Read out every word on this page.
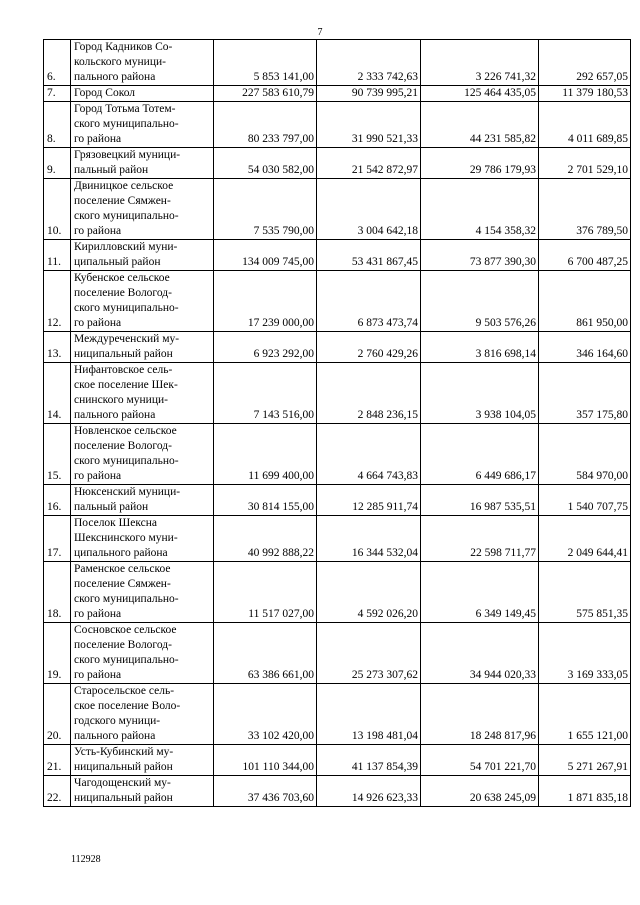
7
6.	Город Кадников Со-
кольского муници-
пального района	5 853 141,00	2 333 742,63	3 226 741,32	292 657,05
7.	Город Сокол	227 583 610,79	90 739 995,21	125 464 435,05	11 379 180,53
8.	Город Тотьма Тотем-
ского муниципально-
го района	80 233 797,00	31 990 521,33	44 231 585,82	4 011 689,85
9.	Грязовецкий муници-
пальный район	54 030 582,00	21 542 872,97	29 786 179,93	2 701 529,10
10.	Двиницкое сельское
поселение Сямжен-
ского муниципально-
го района	7 535 790,00	3 004 642,18	4 154 358,32	376 789,50
11.	Кирилловский муни-
ципальный район	134 009 745,00	53 431 867,45	73 877 390,30	6 700 487,25
12.	Кубенское сельское
поселение Вологод-
ского муниципально-
го района	17 239 000,00	6 873 473,74	9 503 576,26	861 950,00
13.	Междуреченский му-
ниципальный район	6 923 292,00	2 760 429,26	3 816 698,14	346 164,60
14.	Нифантовское сель-
ское поселение Шек-
снинского муници-
пального района	7 143 516,00	2 848 236,15	3 938 104,05	357 175,80
15.	Новленское сельское
поселение Вологод-
ского муниципально-
го района	11 699 400,00	4 664 743,83	6 449 686,17	584 970,00
16.	Нюксенский муници-
пальный район	30 814 155,00	12 285 911,74	16 987 535,51	1 540 707,75
17.	Поселок Шексна
Шекснинского муни-
ципального района	40 992 888,22	16 344 532,04	22 598 711,77	2 049 644,41
18.	Раменское сельское
поселение Сямжен-
ского муниципально-
го района	11 517 027,00	4 592 026,20	6 349 149,45	575 851,35
19.	Сосновское сельское
поселение Вологод-
ского муниципально-
го района	63 386 661,00	25 273 307,62	34 944 020,33	3 169 333,05
20.	Старосельское сель-
ское поселение Воло-
годского муници-
пального района	33 102 420,00	13 198 481,04	18 248 817,96	1 655 121,00
21.	Усть-Кубинский му-
ниципальный район	101 110 344,00	41 137 854,39	54 701 221,70	5 271 267,91
22.	Чагодощенский му-
ниципальный район	37 436 703,60	14 926 623,33	20 638 245,09	1 871 835,18
112928
